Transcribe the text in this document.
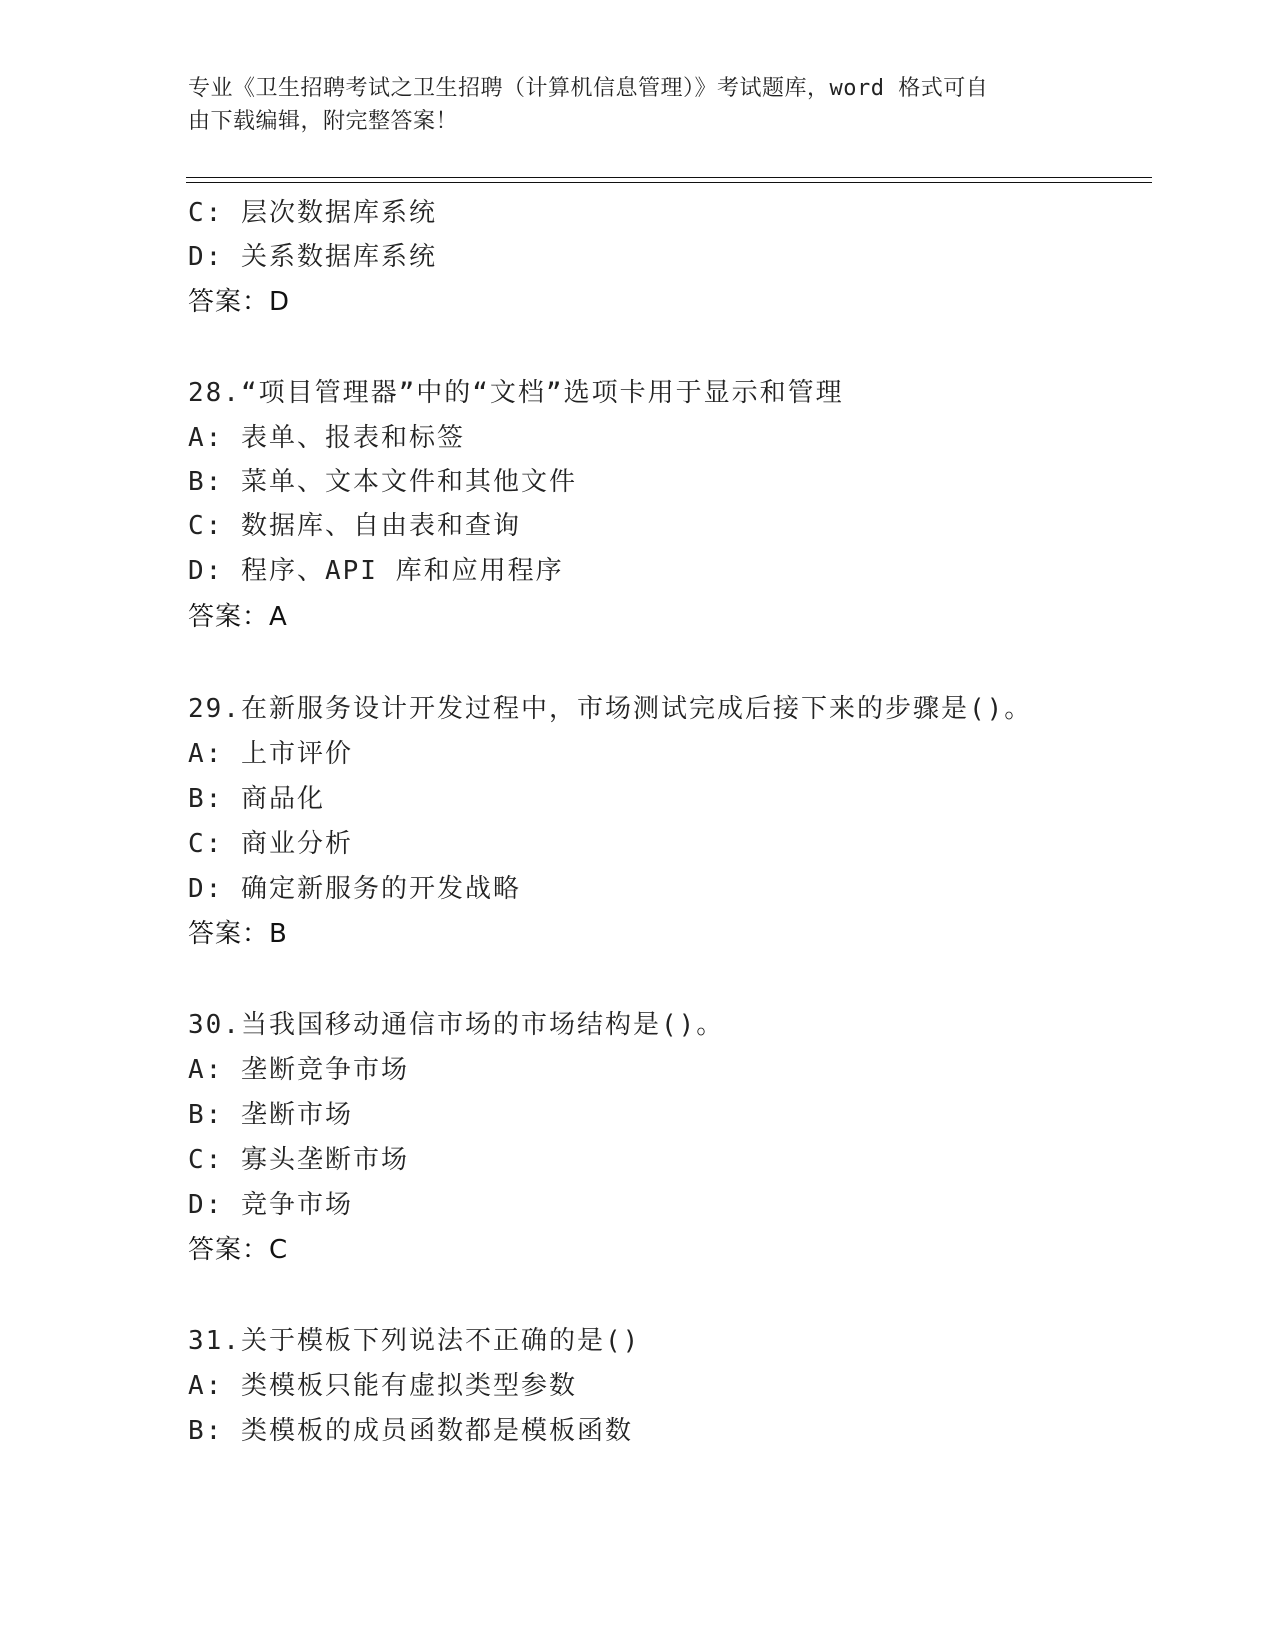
专业《卫生招聘考试之卫生招聘（计算机信息管理）》考试题库，word 格式可自
由下载编辑，附完整答案！
C: 层次数据库系统
D: 关系数据库系统
答案：D
28.“项目管理器”中的“文档”选项卡用于显示和管理
A: 表单、报表和标签
B: 菜单、文本文件和其他文件
C: 数据库、自由表和查询
D: 程序、API 库和应用程序
答案：A
29.在新服务设计开发过程中，市场测试完成后接下来的步骤是()。
A: 上市评价
B: 商品化
C: 商业分析
D: 确定新服务的开发战略
答案：B
30.当我国移动通信市场的市场结构是()。
A: 垄断竞争市场
B: 垄断市场
C: 寡头垄断市场
D: 竞争市场
答案：C
31.关于模板下列说法不正确的是()
A: 类模板只能有虚拟类型参数
B: 类模板的成员函数都是模板函数
